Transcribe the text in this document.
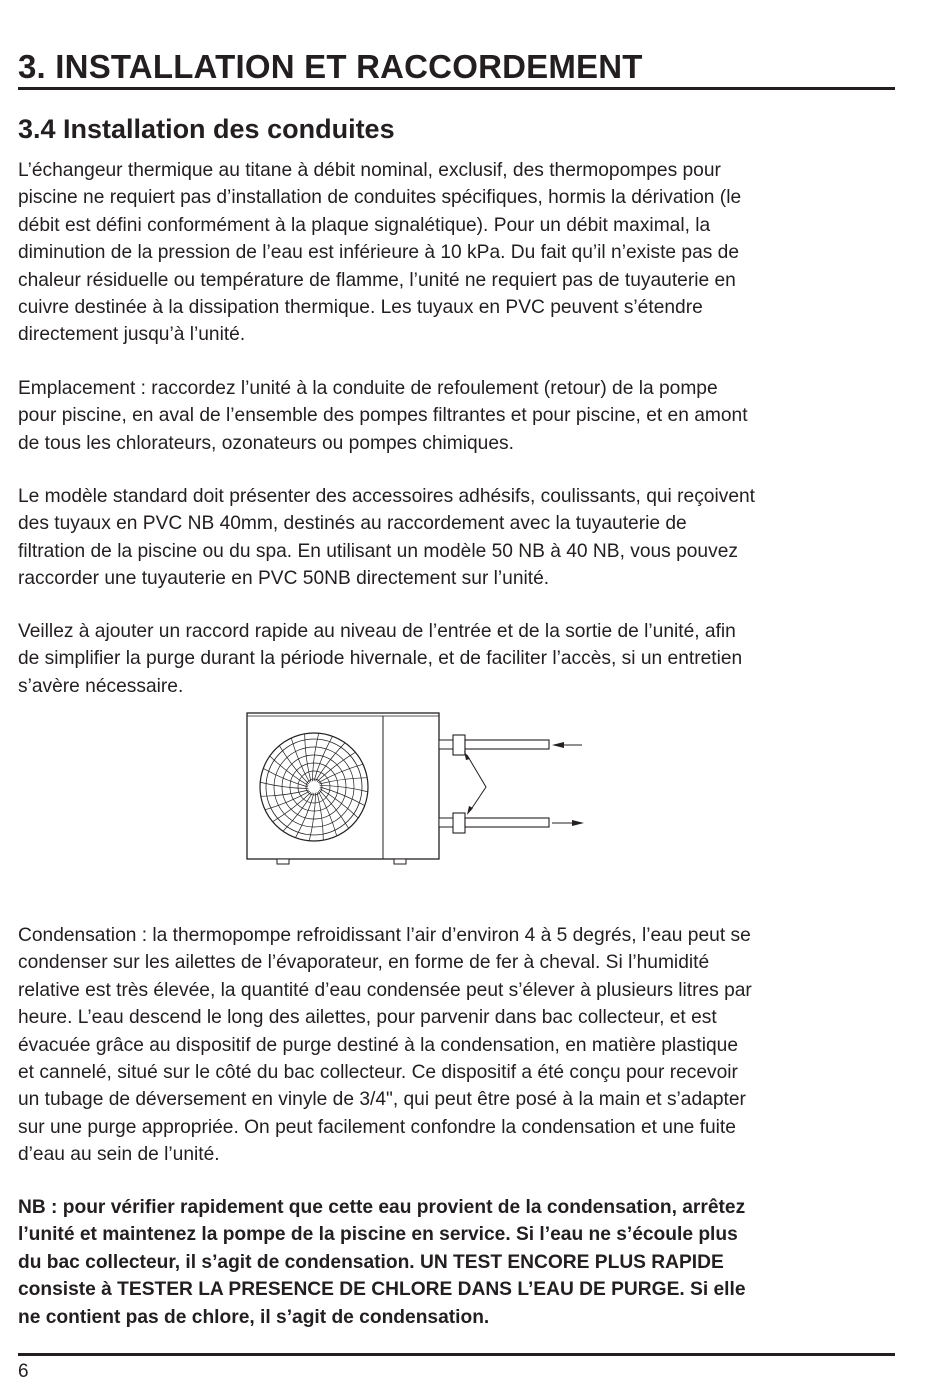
3. INSTALLATION ET RACCORDEMENT
3.4 Installation des conduites

L’échangeur thermique au titane à débit nominal, exclusif, des thermopompes pour
piscine ne requiert pas d’installation de conduites spécifiques, hormis la dérivation (le
débit est défini conformément à la plaque signalétique). Pour un débit maximal, la
diminution de la pression de l’eau est inférieure à 10 kPa. Du fait qu’il n’existe pas de
chaleur résiduelle ou température de flamme, l’unité ne requiert pas de tuyauterie en
cuivre destinée à la dissipation thermique. Les tuyaux en PVC peuvent s’étendre
directement jusqu’à l’unité.

Emplacement : raccordez l’unité à la conduite de refoulement (retour) de la pompe
pour piscine, en aval de l’ensemble des pompes filtrantes et pour piscine, et en amont
de tous les chlorateurs, ozonateurs ou pompes chimiques.

Le modèle standard doit présenter des accessoires adhésifs, coulissants, qui reçoivent
des tuyaux en PVC NB 40mm, destinés au raccordement avec la tuyauterie de
filtration de la piscine ou du spa. En utilisant un modèle 50 NB à 40 NB, vous pouvez
raccorder une tuyauterie en PVC 50NB directement sur l’unité.

Veillez à ajouter un raccord rapide au niveau de l’entrée et de la sortie de l’unité, afin
de simplifier la purge durant la période hivernale, et de faciliter l’accès, si un entretien
s’avère nécessaire.

Condensation : la thermopompe refroidissant l’air d’environ 4 à 5 degrés, l’eau peut se
condenser sur les ailettes de l’évaporateur, en forme de fer à cheval. Si l’humidité
relative est très élevée, la quantité d’eau condensée peut s’élever à plusieurs litres par
heure. L’eau descend le long des ailettes, pour parvenir dans bac collecteur, et est
évacuée grâce au dispositif de purge destiné à la condensation, en matière plastique
et cannelé, situé sur le côté du bac collecteur. Ce dispositif a été conçu pour recevoir
un tubage de déversement en vinyle de 3/4", qui peut être posé à la main et s’adapter
sur une purge appropriée. On peut facilement confondre la condensation et une fuite
d’eau au sein de l’unité.

NB : pour vérifier rapidement que cette eau provient de la condensation, arrêtez
l’unité et maintenez la pompe de la piscine en service. Si l’eau ne s’écoule plus
du bac collecteur, il s’agit de condensation. UN TEST ENCORE PLUS RAPIDE
consiste à TESTER LA PRESENCE DE CHLORE DANS L’EAU DE PURGE. Si elle
ne contient pas de chlore, il s’agit de condensation.

6
